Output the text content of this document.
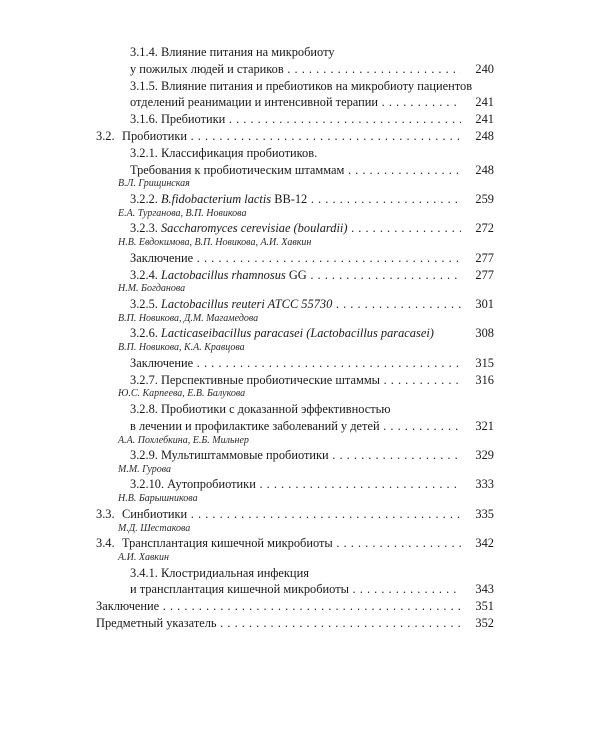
3.1.4. Влияние питания на микробиоту
у пожилых людей и стариков . . .	240
3.1.5. Влияние питания и пребиотиков на микробиоту пациентов
отделений реанимации и интенсивной терапии . . .	241
3.1.6. Пребиотики . . .	241
3.2. Пробиотики . . .	248
3.2.1. Классификация пробиотиков.
Требования к пробиотическим штаммам . . .	248
В.Л. Грищинская
3.2.2. B.fidobacterium lactis BB-12 . . .	259
Е.А. Турганова, В.П. Новикова
3.2.3. Saccharomyces cerevisiae (boulardii) . . .	272
Н.В. Евдокимова, В.П. Новикова, А.И. Хавкин
Заключение . . .	277
3.2.4. Lactobacillus rhamnosus GG . . .	277
Н.М. Богданова
3.2.5. Lactobacillus reuteri ATCC 55730 . . .	301
В.П. Новикова, Д.М. Магамедова
3.2.6. Lacticaseibacillus paracasei (Lactobacillus paracasei)	308
В.П. Новикова, К.А. Кравцова
Заключение . . .	315
3.2.7. Перспективные пробиотические штаммы . . .	316
Ю.С. Карпеева, Е.В. Балукова
3.2.8. Пробиотики с доказанной эффективностью
в лечении и профилактике заболеваний у детей . . .	321
А.А. Похлебкина, Е.Б. Мильнер
3.2.9. Мультиштаммовые пробиотики . . .	329
М.М. Гурова
3.2.10. Аутопробиотики . . .	333
Н.В. Барышникова
3.3. Синбиотики . . .	335
М.Д. Шестакова
3.4. Трансплантация кишечной микробиоты . . .	342
А.И. Хавкин
3.4.1. Клостридиальная инфекция
и трансплантация кишечной микробиоты . . .	343
Заключение . . .	351
Предметный указатель . . .	352
